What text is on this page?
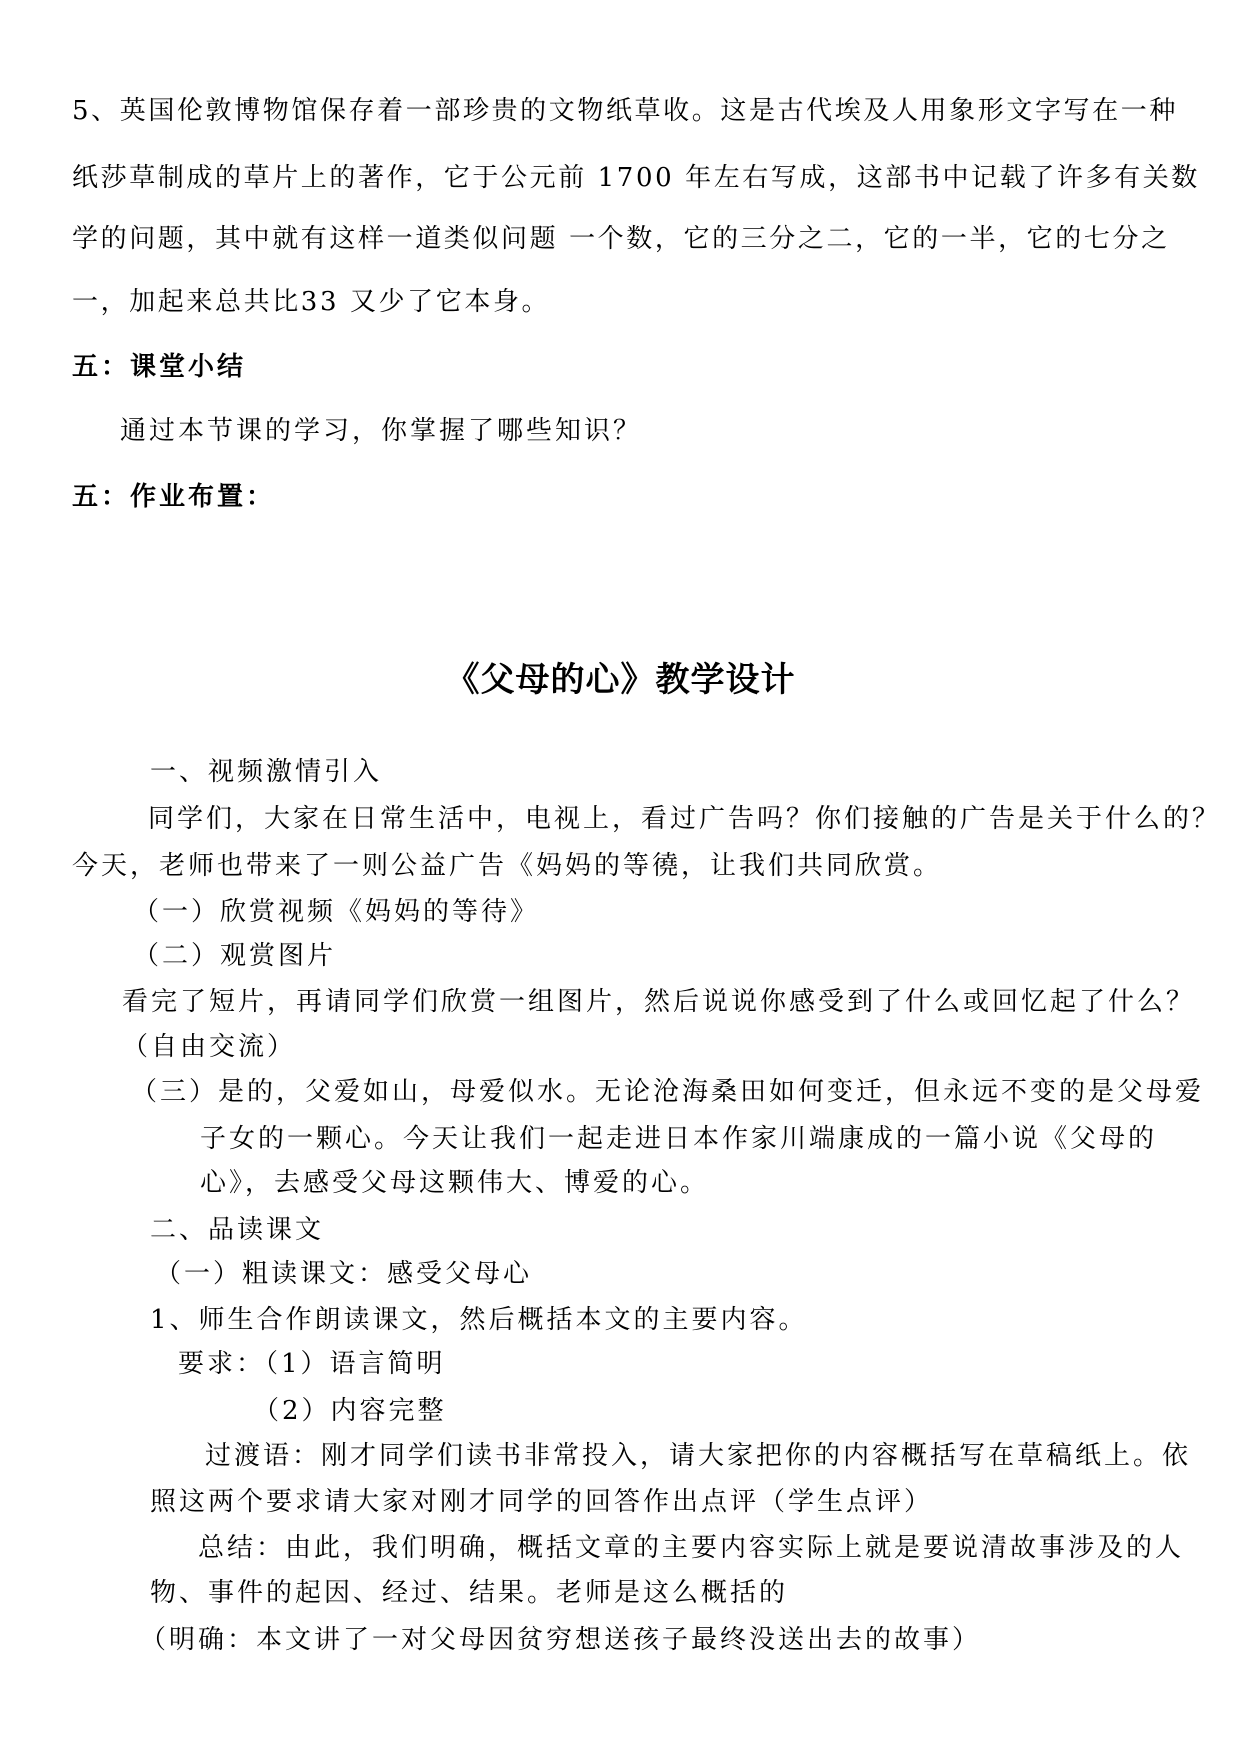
5、英国伦敦博物馆保存着一部珍贵的文物纸草收。这是古代埃及人用象形文字写在一种
纸莎草制成的草片上的著作，它于公元前 1700 年左右写成，这部书中记载了许多有关数
学的问题，其中就有这样一道类似问题 一个数，它的三分之二，它的一半，它的七分之
一，加起来总共比33 又少了它本身。
五：课堂小结
通过本节课的学习，你掌握了哪些知识？
五：作业布置：
《父母的心》教学设计
一、视频激情引入
同学们，大家在日常生活中，电视上，看过广告吗？你们接触的广告是关于什么的？
今天，老师也带来了一则公益广告《妈妈的等徺，让我们共同欣赏。
（一）欣赏视频《妈妈的等待》
（二）观赏图片
看完了短片，再请同学们欣赏一组图片，然后说说你感受到了什么或回忆起了什么？
（自由交流）
（三）是的，父爱如山，母爱似水。无论沧海桑田如何变迁，但永远不变的是父母爱
子女的一颗心。今天让我们一起走进日本作家川端康成的一篇小说《父母的
心》，去感受父母这颗伟大、博爱的心。
二、品读课文
（一）粗读课文：感受父母心
1、师生合作朗读课文，然后概括本文的主要内容。
要求：（1）语言简明
（2）内容完整
过渡语：刚才同学们读书非常投入，请大家把你的内容概括写在草稿纸上。依
照这两个要求请大家对刚才同学的回答作出点评（学生点评）
总结：由此，我们明确，概括文章的主要内容实际上就是要说清故事涉及的人
物、事件的起因、经过、结果。老师是这么概括的
（明确：本文讲了一对父母因贫穷想送孩子最终没送出去的故事）
